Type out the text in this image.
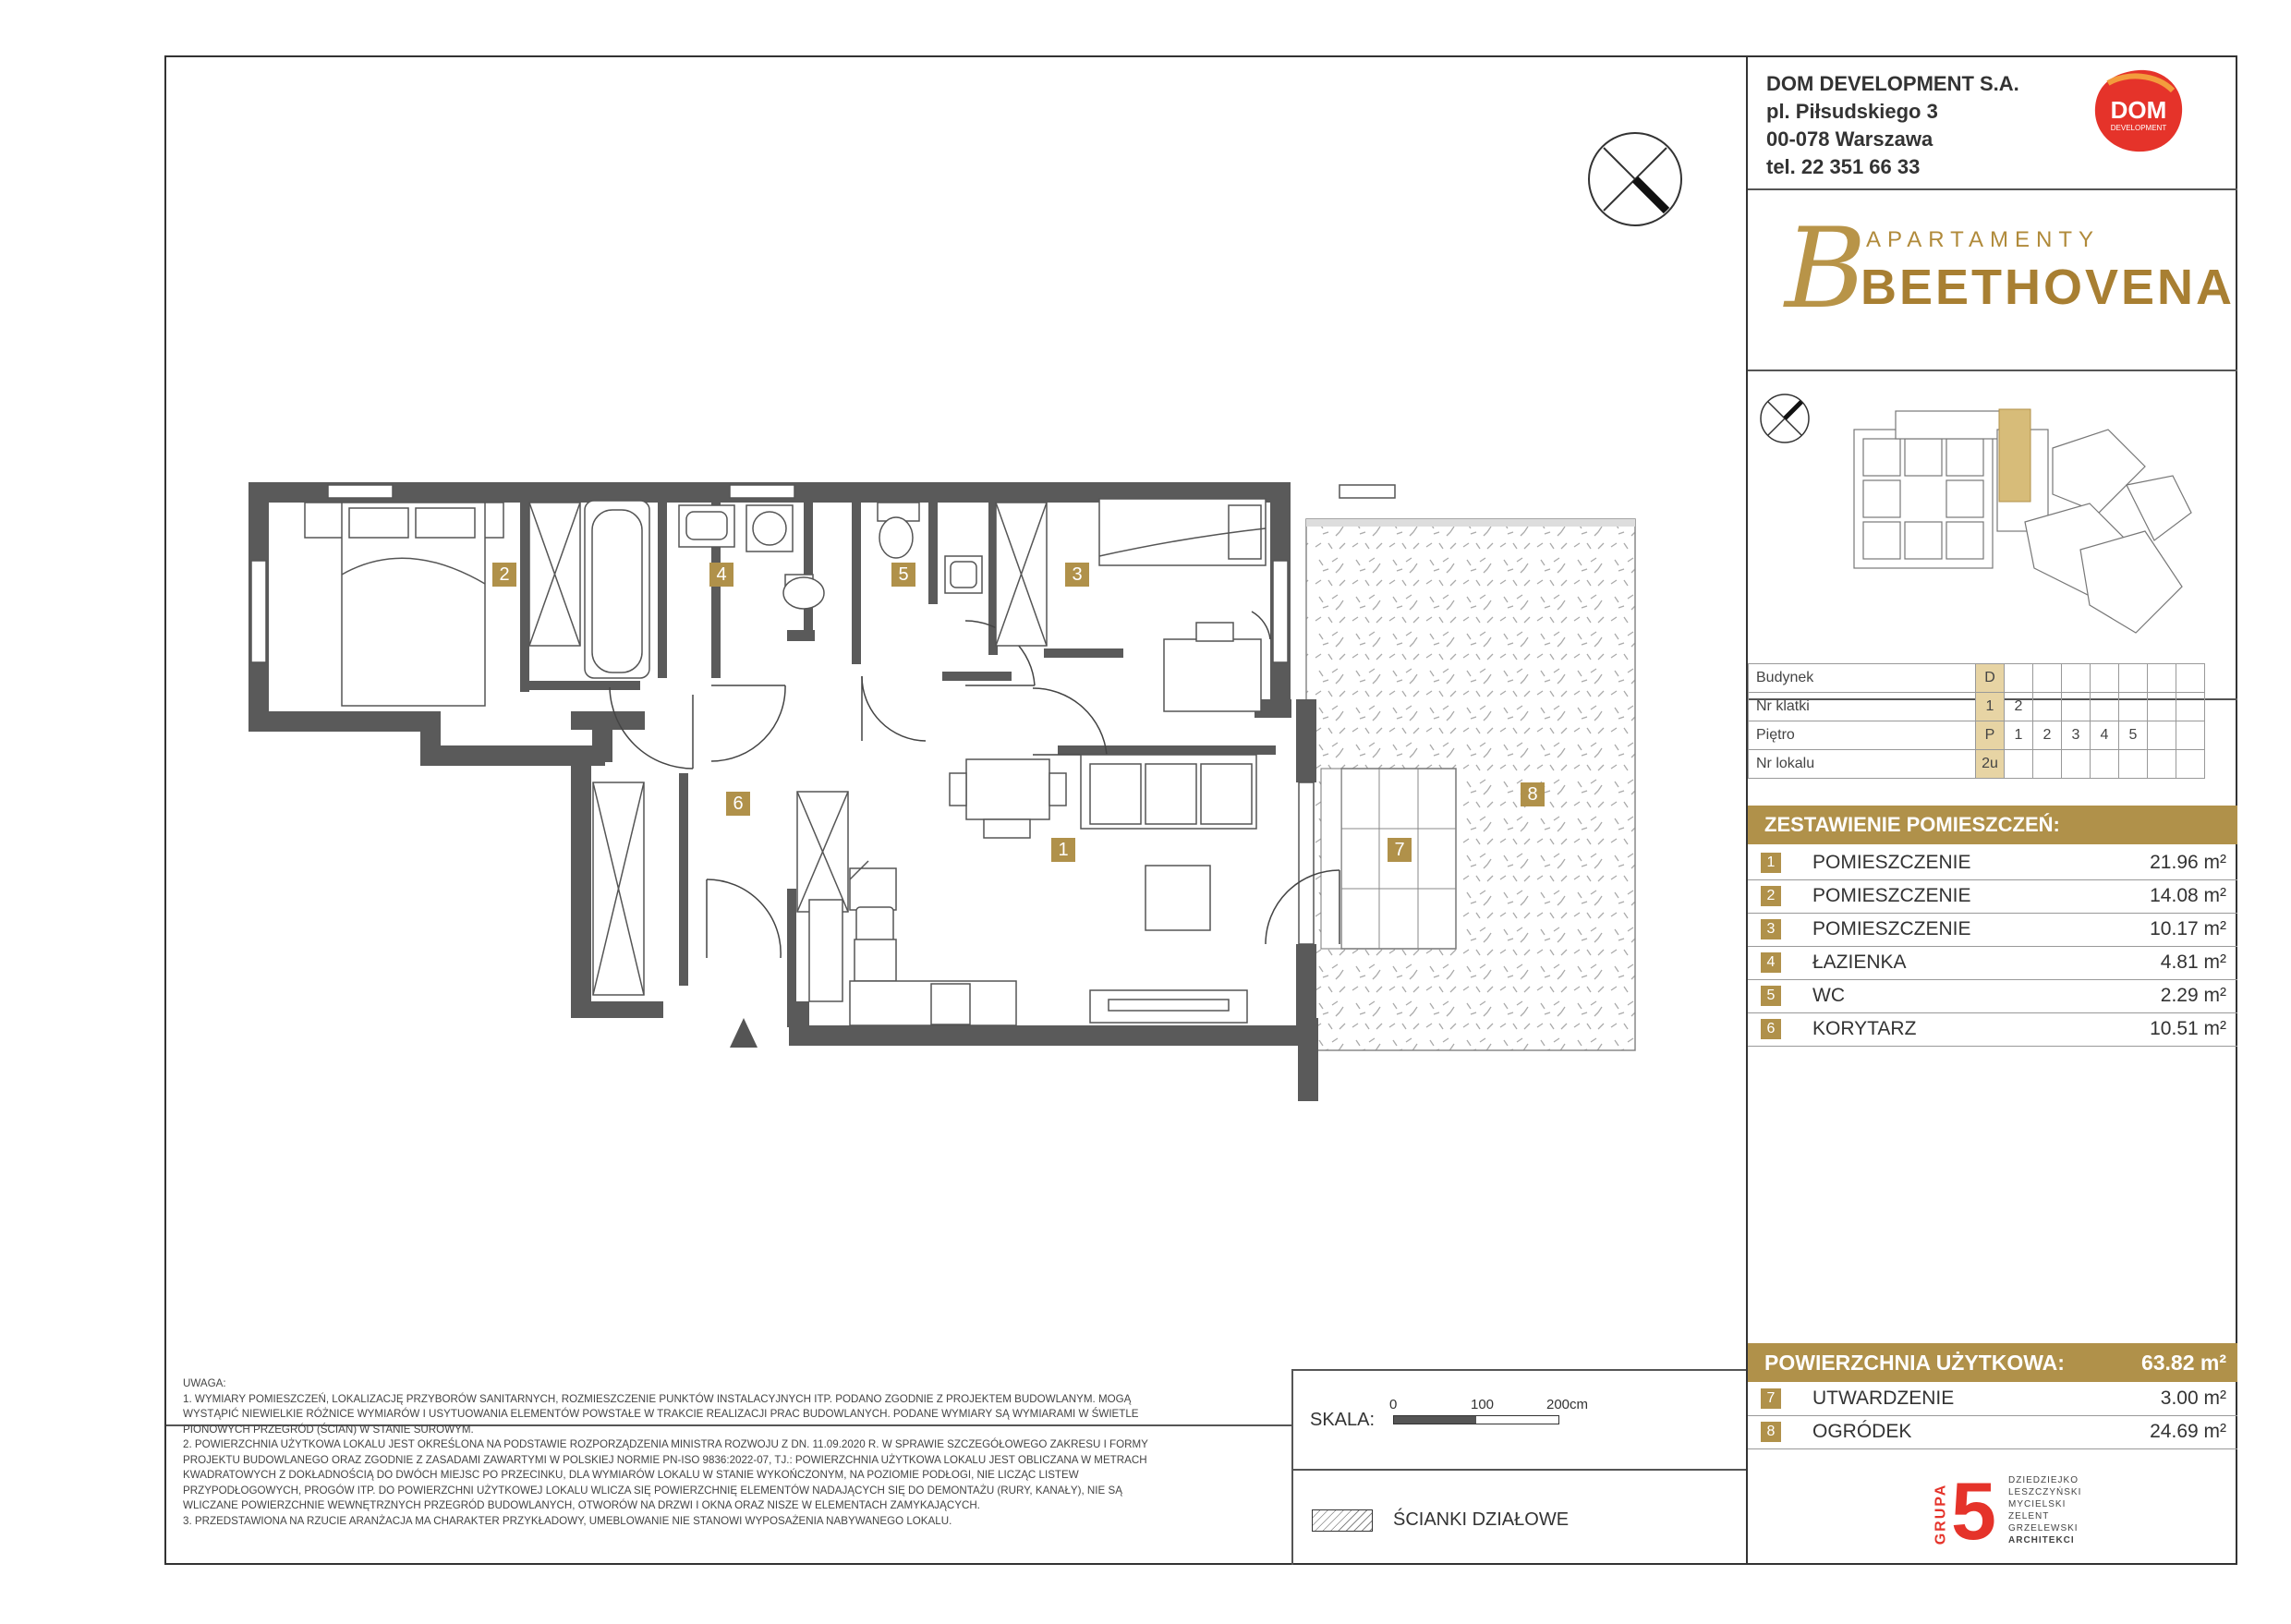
2	4	5	3
6
1	7
8

UWAGA:

1. WYMIARY POMIESZCZEŃ, LOKALIZACJĘ PRZYBORÓW SANITARNYCH, ROZMIESZCZENIE PUNKTÓW INSTALACYJNYCH ITP. PODANO ZGODNIE Z PROJEKTEM BUDOWLANYM. MOGĄ

WYSTĄPIĆ NIEWIELKIE RÓŻNICE WYMIARÓW I USYTUOWANIA ELEMENTÓW POWSTAŁE W TRAKCIE REALIZACJI PRAC BUDOWLANYCH. PODANE WYMIARY SĄ WYMIARAMI W ŚWIETLE

PIONOWYCH PRZEGRÓD (ŚCIAN) W STANIE SUROWYM.

2. POWIERZCHNIA UŻYTKOWA LOKALU JEST OKREŚLONA NA PODSTAWIE ROZPORZĄDZENIA MINISTRA ROZWOJU Z DN. 11.09.2020 R. W SPRAWIE SZCZEGÓŁOWEGO ZAKRESU I FORMY

PROJEKTU BUDOWLANEGO ORAZ ZGODNIE Z ZASADAMI ZAWARTYMI W POLSKIEJ NORMIE PN-ISO 9836:2022-07, TJ.: POWIERZCHNIA UŻYTKOWA LOKALU JEST OBLICZANA W METRACH

KWADRATOWYCH Z DOKŁADNOŚCIĄ DO DWÓCH MIEJSC PO PRZECINKU, DLA WYMIARÓW LOKALU W STANIE WYKOŃCZONYM, NA POZIOMIE PODŁOGI, NIE LICZĄC LISTEW

PRZYPODŁOGOWYCH, PROGÓW ITP. DO POWIERZCHNI UŻYTKOWEJ LOKALU WLICZA SIĘ POWIERZCHNIĘ ELEMENTÓW NADAJĄCYCH SIĘ DO DEMONTAŻU (RURY, KANAŁY), NIE SĄ

WLICZANE POWIERZCHNIE WEWNĘTRZNYCH PRZEGRÓD BUDOWLANYCH, OTWORÓW NA DRZWI I OKNA ORAZ NISZE W ELEMENTACH ZAMYKAJĄCYCH.

3. PRZEDSTAWIONA NA RZUCIE ARANŻACJA MA CHARAKTER PRZYKŁADOWY, UMEBLOWANIE NIE STANOWI WYPOSAŻENIA NABYWANEGO LOKALU.

SKALA:
0	100	200cm
ŚCIANKI DZIAŁOWE
DOM DEVELOPMENT S.A.
pl. Piłsudskiego 3
00-078 Warszawa
tel. 22 351 66 33
DOM
DEVELOPMENT
B APARTAMENTY
BEETHOVENA
Budynek	D							
Nr klatki	1	2						
Piętro	P	1	2	3	4	5		
Nr lokalu	2u							
ZESTAWIENIE POMIESZCZEŃ:
1	POMIESZCZENIE	21.96 m²
2	POMIESZCZENIE	14.08 m²
3	POMIESZCZENIE	10.17 m²
4	ŁAZIENKA	4.81 m²
5	WC	2.29 m²
6	KORYTARZ	10.51 m²
POWIERZCHNIA UŻYTKOWA:	63.82 m²
7	UTWARDZENIE	3.00 m²
8	OGRÓDEK	24.69 m²
GRUPA 5 DZIEDZIEJKO
LESZCZYŃSKI
MYCIELSKI
ZELENT
GRZELEWSKI
ARCHITEKCI
